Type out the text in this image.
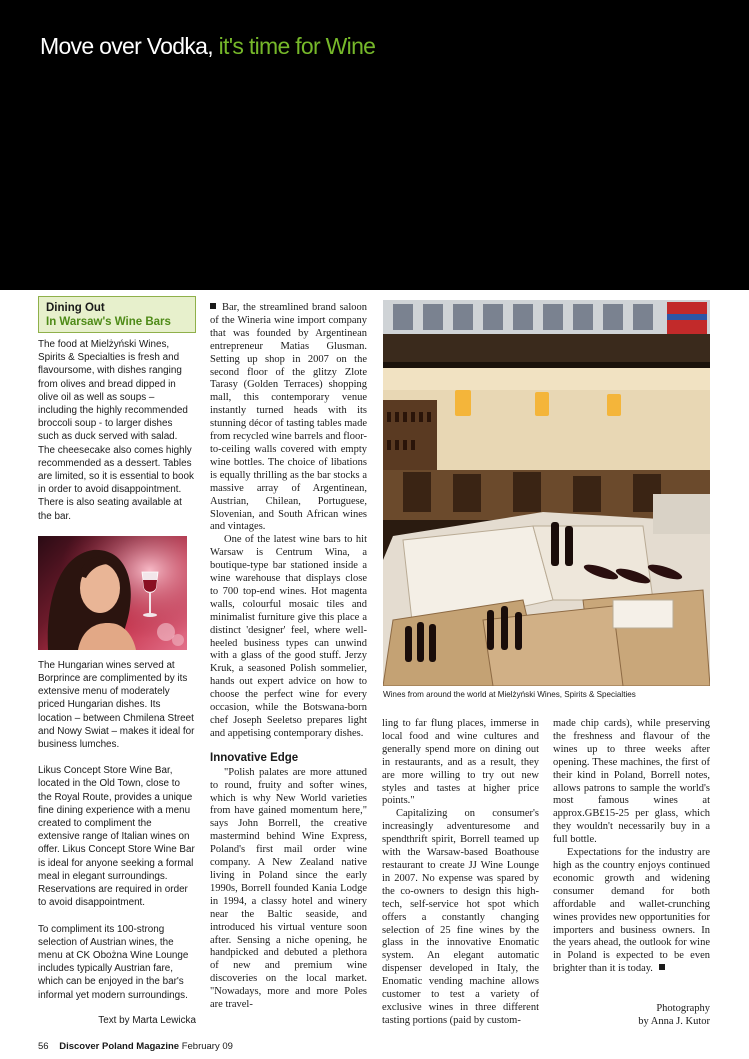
Move over Vodka, it's time for Wine
Dining Out
In Warsaw's Wine Bars

The food at Mielżyński Wines, Spirits & Specialties is fresh and flavoursome, with dishes ranging from olives and bread dipped in olive oil as well as soups – including the highly recommended broccoli soup - to larger dishes such as duck served with salad. The cheesecake also comes highly recommended as a dessert. Tables are limited, so it is essential to book in order to avoid disappointment. There is also seating available at the bar.

The Hungarian wines served at Borprince are complimented by its extensive menu of moderately priced Hungarian dishes. Its location – between Chmilena Street and Nowy Swiat – makes it ideal for business lumches.

Likus Concept Store Wine Bar, located in the Old Town, close to the Royal Route, provides a unique fine dining experience with a menu created to compliment the extensive range of Italian wines on offer. Likus Concept Store Wine Bar is ideal for anyone seeking a formal meal in elegant surroundings. Reservations are required in order to avoid disappointment.

To compliment its 100-strong selection of Austrian wines, the menu at CK Obożna Wine Lounge includes typically Austrian fare, which can be enjoyed in the bar's informal yet modern surroundings.

Text by Marta Lewicka

Bar, the streamlined brand saloon of the Wineria wine import company that was founded by Argentinean entrepreneur Matias Glusman. Setting up shop in 2007 on the second floor of the glitzy Zlote Tarasy (Golden Terraces) shopping mall, this contemporary venue instantly turned heads with its stunning décor of tasting tables made from recycled wine barrels and floor-to-ceiling walls covered with empty wine bottles. The choice of libations is equally thrilling as the bar stocks a massive array of Argentinean, Austrian, Chilean, Portuguese, Slovenian, and South African wines and vintages.

One of the latest wine bars to hit Warsaw is Centrum Wina, a boutique-type bar stationed inside a wine warehouse that displays close to 700 top-end wines. Hot magenta walls, colourful mosaic tiles and minimalist furniture give this place a distinct 'designer' feel, where well-heeled business types can unwind with a glass of the good stuff. Jerzy Kruk, a seasoned Polish sommelier, hands out expert advice on how to choose the perfect wine for every occasion, while the Botswana-born chef Joseph Seeletso prepares light and appetising contemporary dishes.

Innovative Edge

"Polish palates are more attuned to round, fruity and softer wines, which is why New World varieties from have gained momentum here," says John Borrell, the creative mastermind behind Wine Express, Poland's first mail order wine company. A New Zealand native living in Poland since the early 1990s, Borrell founded Kania Lodge in 1994, a classy hotel and winery near the Baltic seaside, and introduced his virtual venture soon after. Sensing a niche opening, he handpicked and debuted a plethora of new and premium wine discoveries on the local market. "Nowadays, more and more Poles are travel-

Wines from around the world at Mielżyński Wines, Spirits & Specialties

ling to far flung places, immerse in local food and wine cultures and generally spend more on dining out in restaurants, and as a result, they are more willing to try out new styles and tastes at higher price points."

Capitalizing on consumer's increasingly adventuresome and spendthrift spirit, Borrell teamed up with the Warsaw-based Boathouse restaurant to create JJ Wine Lounge in 2007. No expense was spared by the co-owners to design this high-tech, self-service hot spot which offers a constantly changing selection of 25 fine wines by the glass in the innovative Enomatic system. An elegant automatic dispenser developed in Italy, the Enomatic vending machine allows customer to test a variety of exclusive wines in three different tasting portions (paid by custom-

made chip cards), while preserving the freshness and flavour of the wines up to three weeks after opening. These machines, the first of their kind in Poland, Borrell notes, allows patrons to sample the world's most famous wines at approx.GB£15-25 per glass, which they wouldn't necessarily buy in a full bottle.

Expectations for the industry are high as the country enjoys continued economic growth and widening consumer demand for both affordable and wallet-crunching wines provides new opportunities for importers and business owners. In the years ahead, the outlook for wine in Poland is expected to be even brighter than it is today.

Photography
by Anna J. Kutor
56 Discover Poland Magazine February 09
